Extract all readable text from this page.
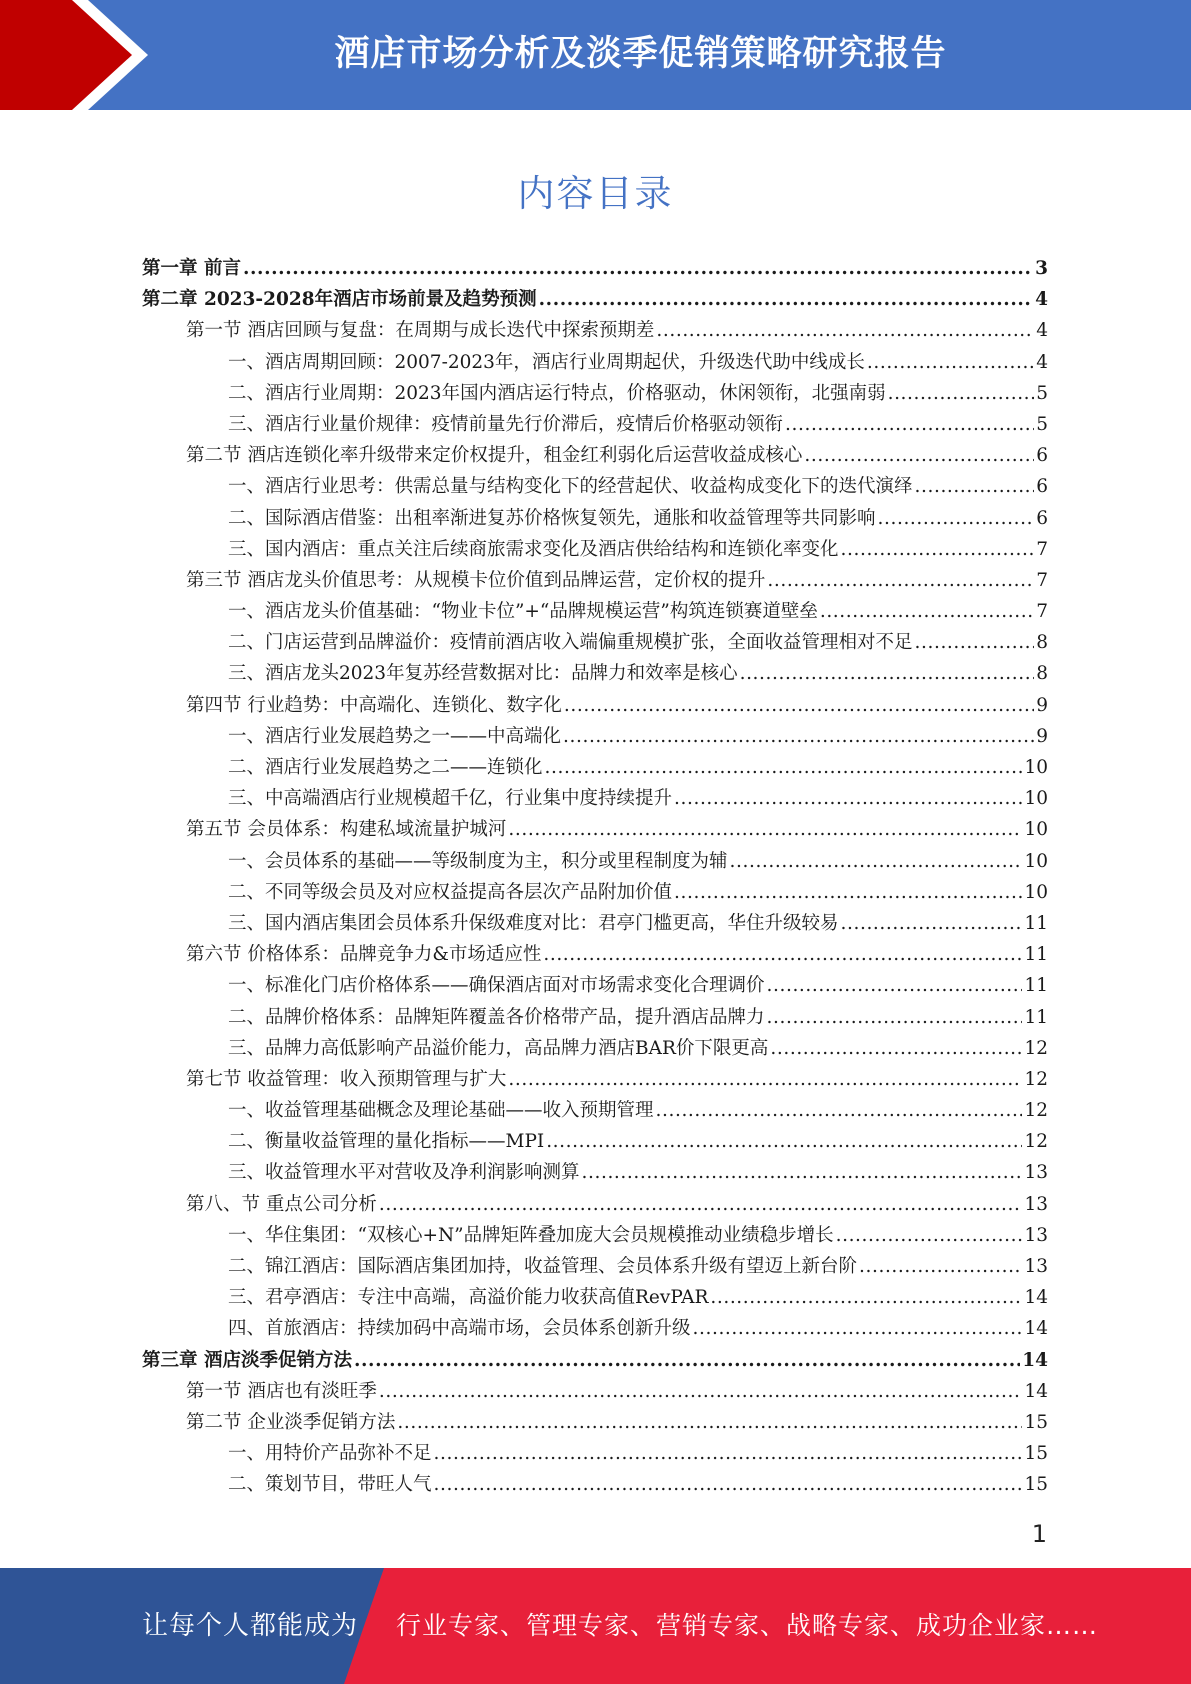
酒店市场分析及淡季促销策略研究报告
内容目录
第一章 前言 .....	3
第二章 2023-2028年酒店市场前景及趋势预测 .....	4
第一节 酒店回顾与复盘：在周期与成长迭代中探索预期差 .....	4
一、酒店周期回顾：2007-2023年，酒店行业周期起伏，升级迭代助中线成长 .....	4
二、酒店行业周期：2023年国内酒店运行特点，价格驱动，休闲领衔，北强南弱 .....	5
三、酒店行业量价规律：疫情前量先行价滞后，疫情后价格驱动领衔 .....	5
第二节 酒店连锁化率升级带来定价权提升，租金红利弱化后运营收益成核心 .....	6
一、酒店行业思考：供需总量与结构变化下的经营起伏、收益构成变化下的迭代演绎 .....	6
二、国际酒店借鉴：出租率渐进复苏价格恢复领先，通胀和收益管理等共同影响 .....	6
三、国内酒店：重点关注后续商旅需求变化及酒店供给结构和连锁化率变化 .....	7
第三节 酒店龙头价值思考：从规模卡位价值到品牌运营，定价权的提升 .....	7
一、酒店龙头价值基础：“物业卡位”+“品牌规模运营”构筑连锁赛道壁垒 .....	7
二、门店运营到品牌溢价：疫情前酒店收入端偏重规模扩张，全面收益管理相对不足 .....	8
三、酒店龙头2023年复苏经营数据对比：品牌力和效率是核心 .....	8
第四节 行业趋势：中高端化、连锁化、数字化 .....	9
一、酒店行业发展趋势之一——中高端化 .....	9
二、酒店行业发展趋势之二——连锁化 .....	10
三、中高端酒店行业规模超千亿，行业集中度持续提升 .....	10
第五节 会员体系：构建私域流量护城河 .....	10
一、会员体系的基础——等级制度为主，积分或里程制度为辅 .....	10
二、不同等级会员及对应权益提高各层次产品附加价值 .....	10
三、国内酒店集团会员体系升保级难度对比：君亭门槛更高，华住升级较易 .....	11
第六节 价格体系：品牌竞争力&市场适应性 .....	11
一、标准化门店价格体系——确保酒店面对市场需求变化合理调价 .....	11
二、品牌价格体系：品牌矩阵覆盖各价格带产品，提升酒店品牌力 .....	11
三、品牌力高低影响产品溢价能力，高品牌力酒店BAR价下限更高 .....	12
第七节 收益管理：收入预期管理与扩大 .....	12
一、收益管理基础概念及理论基础——收入预期管理 .....	12
二、衡量收益管理的量化指标——MPI .....	12
三、收益管理水平对营收及净利润影响测算 .....	13
第八、节 重点公司分析 .....	13
一、华住集团：“双核心+N”品牌矩阵叠加庞大会员规模推动业绩稳步增长 .....	13
二、锦江酒店：国际酒店集团加持，收益管理、会员体系升级有望迈上新台阶 .....	13
三、君亭酒店：专注中高端，高溢价能力收获高值RevPAR .....	14
四、首旅酒店：持续加码中高端市场，会员体系创新升级 .....	14
第三章 酒店淡季促销方法 .....	14
第一节 酒店也有淡旺季 .....	14
第二节 企业淡季促销方法 .....	15
一、用特价产品弥补不足 .....	15
二、策划节目，带旺人气 .....	15
1
让每个人都能成为 行业专家、管理专家、营销专家、战略专家、成功企业家……
